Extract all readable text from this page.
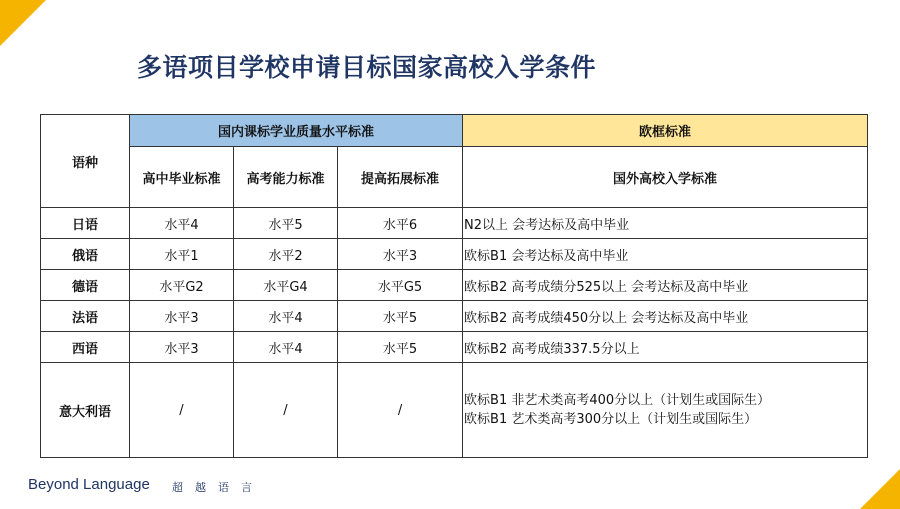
多语项目学校申请目标国家高校入学条件
语种	国内课标学业质量水平标准			欧框标准
	高中毕业标准	高考能力标准	提高拓展标准	国外高校入学标准
日语	水平4	水平5	水平6	N2以上 会考达标及高中毕业
俄语	水平1	水平2	水平3	欧标B1 会考达标及高中毕业
德语	水平G2	水平G4	水平G5	欧标B2 高考成绩分525以上 会考达标及高中毕业
法语	水平3	水平4	水平5	欧标B2 高考成绩450分以上 会考达标及高中毕业
西语	水平3	水平4	水平5	欧标B2 高考成绩337.5分以上
意大利语	/	/	/	欧标B1 非艺术类高考400分以上（计划生或国际生）
欧标B1 艺术类高考300分以上（计划生或国际生）
Beyond Language 超越语言
